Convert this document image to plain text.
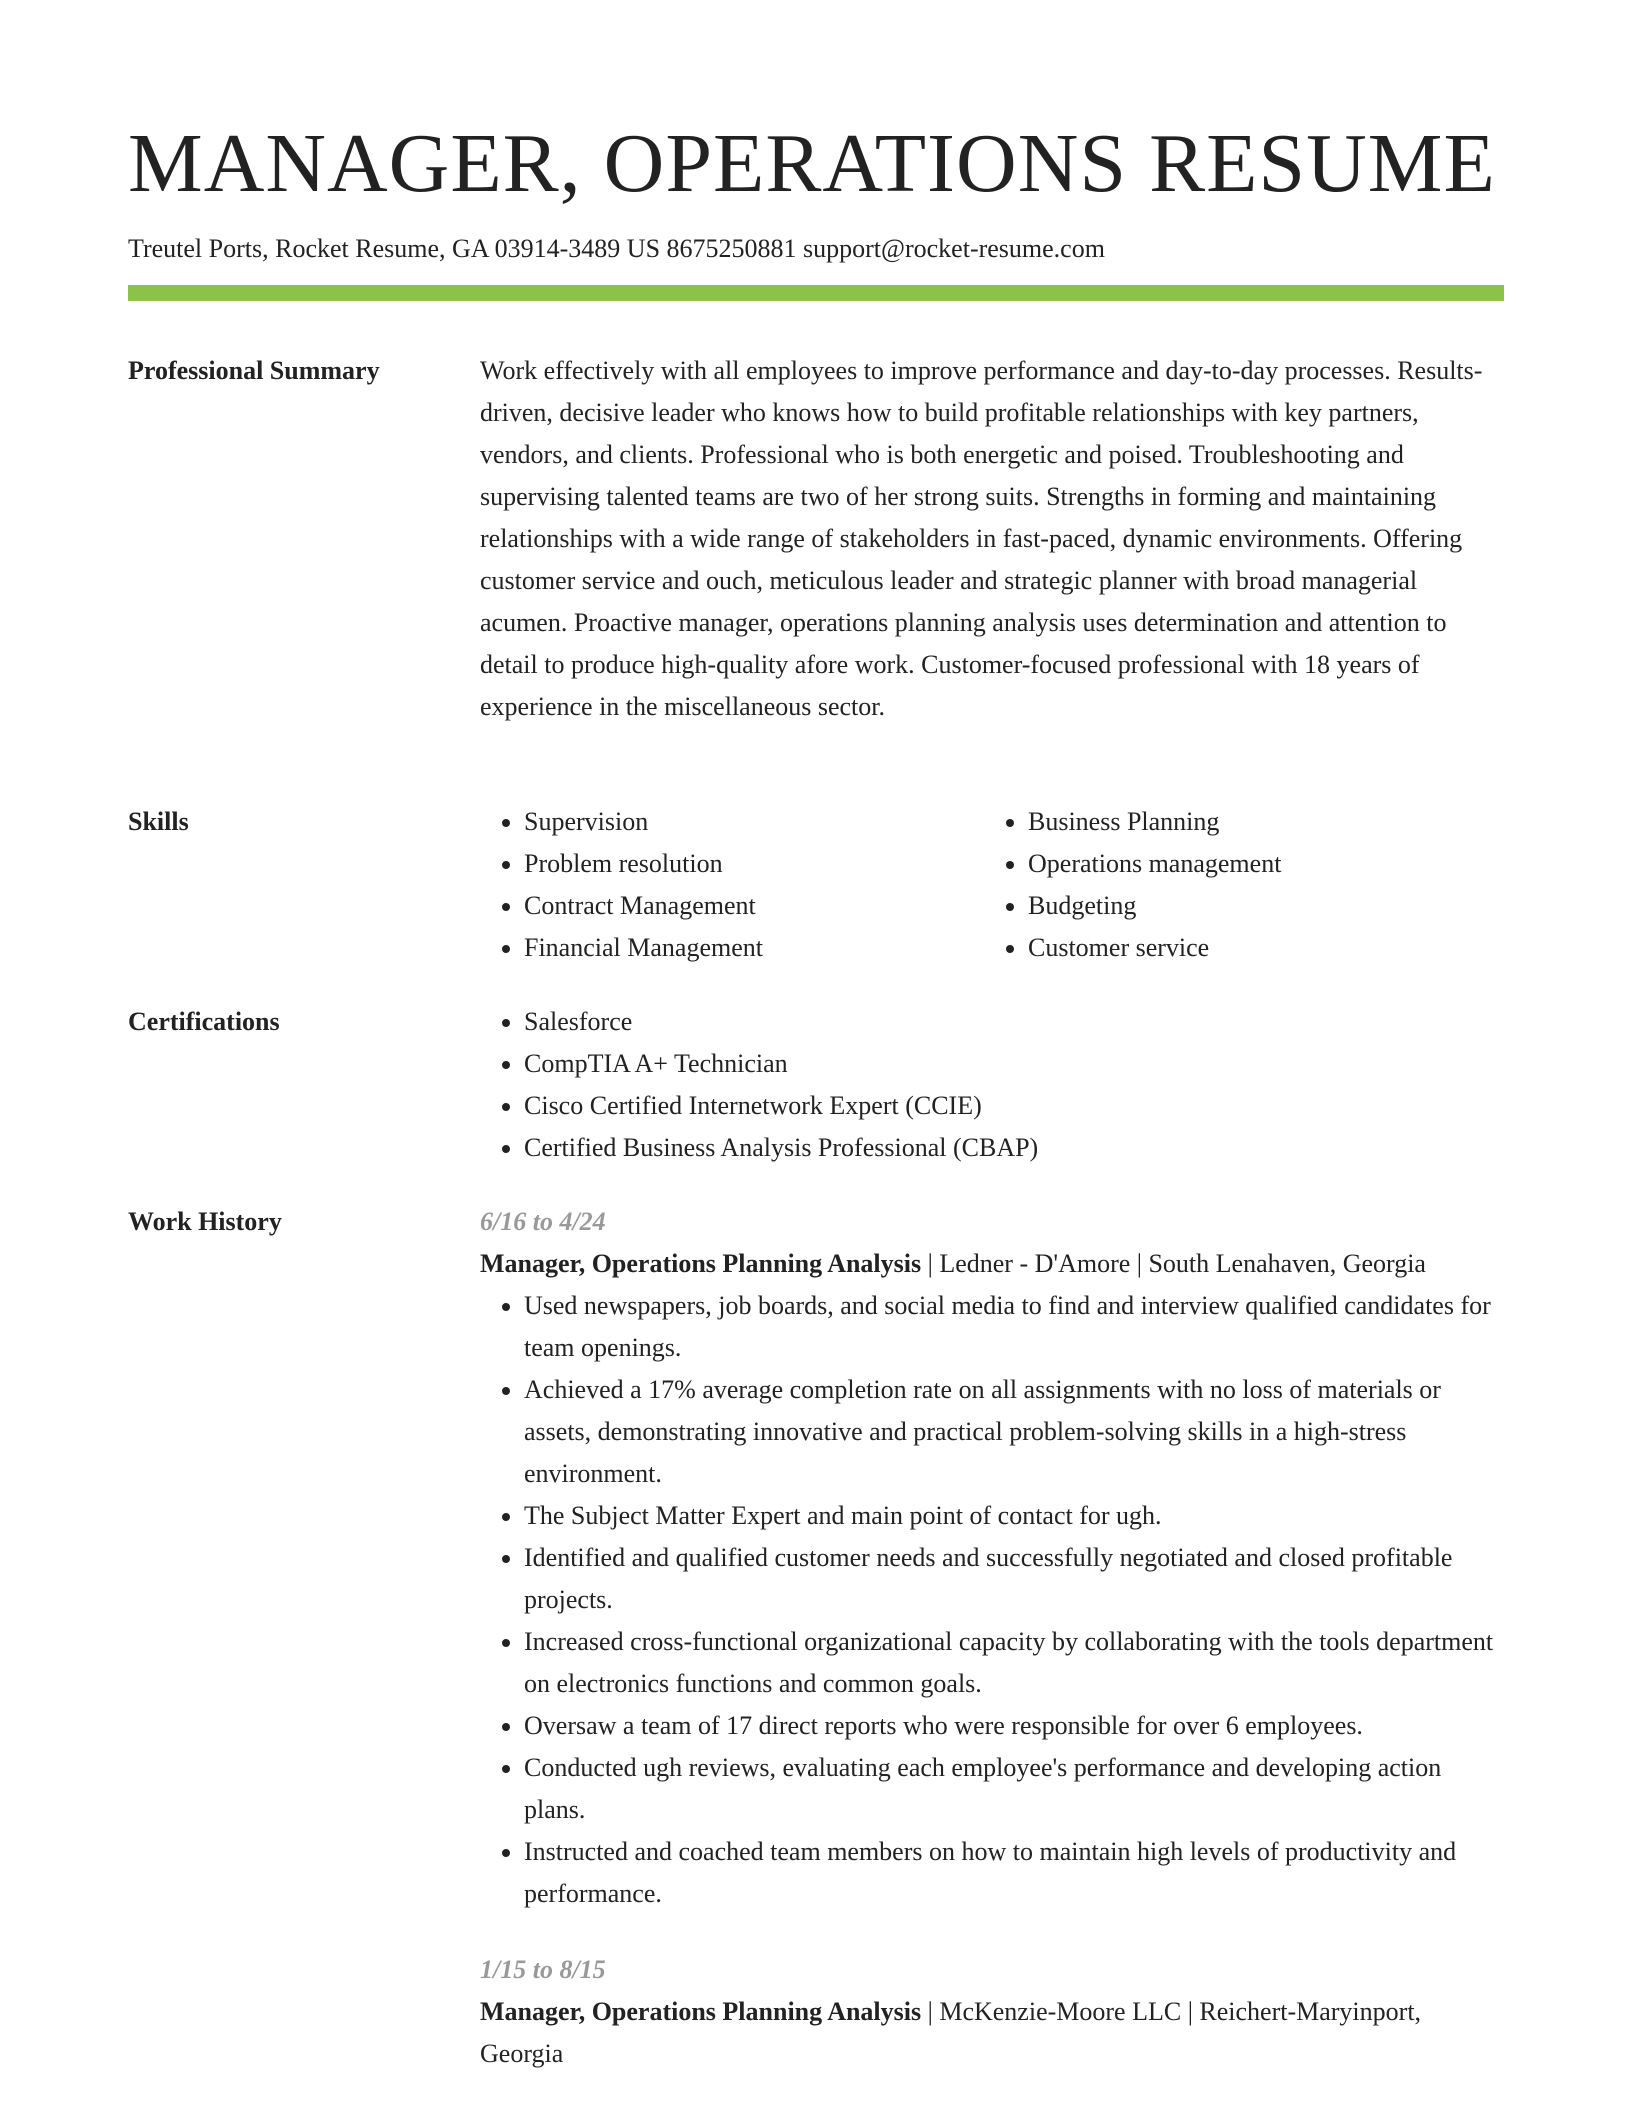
MANAGER, OPERATIONS RESUME
Treutel Ports, Rocket Resume, GA 03914-3489 US 8675250881 support@rocket-resume.com
Professional Summary	Work effectively with all employees to improve performance and day-to-day processes. Results-driven, decisive leader who knows how to build profitable relationships with key partners, vendors, and clients. Professional who is both energetic and poised. Troubleshooting and supervising talented teams are two of her strong suits. Strengths in forming and maintaining relationships with a wide range of stakeholders in fast-paced, dynamic environments. Offering customer service and ouch, meticulous leader and strategic planner with broad managerial acumen. Proactive manager, operations planning analysis uses determination and attention to detail to produce high-quality afore work. Customer-focused professional with 18 years of experience in the miscellaneous sector.

Skills	• Supervision
• Problem resolution
• Contract Management
• Financial Management
• Business Planning
• Operations management
• Budgeting
• Customer service
Certifications	• Salesforce
• CompTIA A+ Technician
• Cisco Certified Internetwork Expert (CCIE)
• Certified Business Analysis Professional (CBAP)
Work History	6/16 to 4/24
Manager, Operations Planning Analysis | Ledner - D'Amore | South Lenahaven, Georgia
• Used newspapers, job boards, and social media to find and interview qualified candidates for team openings.
• Achieved a 17% average completion rate on all assignments with no loss of materials or assets, demonstrating innovative and practical problem-solving skills in a high-stress environment.
• The Subject Matter Expert and main point of contact for ugh.
• Identified and qualified customer needs and successfully negotiated and closed profitable projects.
• Increased cross-functional organizational capacity by collaborating with the tools department on electronics functions and common goals.
• Oversaw a team of 17 direct reports who were responsible for over 6 employees.
• Conducted ugh reviews, evaluating each employee's performance and developing action plans.
• Instructed and coached team members on how to maintain high levels of productivity and performance.
1/15 to 8/15
Manager, Operations Planning Analysis | McKenzie-Moore LLC | Reichert-Maryinport, Georgia
